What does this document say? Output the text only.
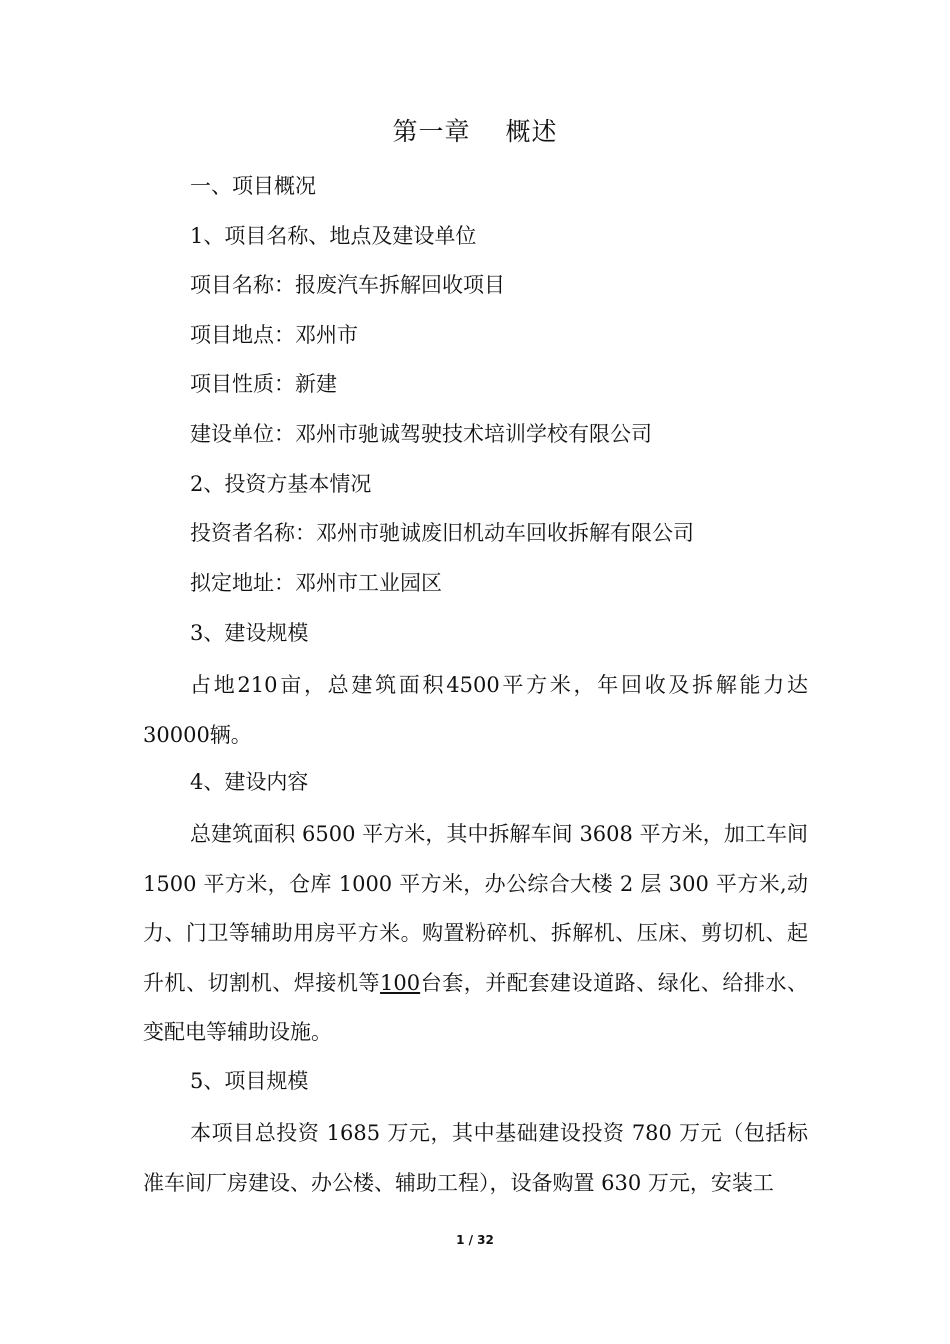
第一章　 概述
一、项目概况
1、项目名称、地点及建设单位
项目名称：报废汽车拆解回收项目
项目地点：邓州市
项目性质：新建
建设单位：邓州市驰诚驾驶技术培训学校有限公司
2、投资方基本情况
投资者名称：邓州市驰诚废旧机动车回收拆解有限公司
拟定地址：邓州市工业园区
3、建设规模
占地210亩，总建筑面积4500平方米，年回收及拆解能力达30000辆。
4、建设内容
总建筑面积 6500 平方米，其中拆解车间 3608 平方米，加工车间 1500 平方米，仓库 1000 平方米，办公综合大楼 2 层 300 平方米,动力、门卫等辅助用房平方米。购置粉碎机、拆解机、压床、剪切机、起升机、切割机、焊接机等100台套，并配套建设道路、绿化、给排水、变配电等辅助设施。
5、项目规模
本项目总投资 1685 万元，其中基础建设投资 780 万元（包括标准车间厂房建设、办公楼、辅助工程），设备购置 630 万元，安装工
1 / 32
